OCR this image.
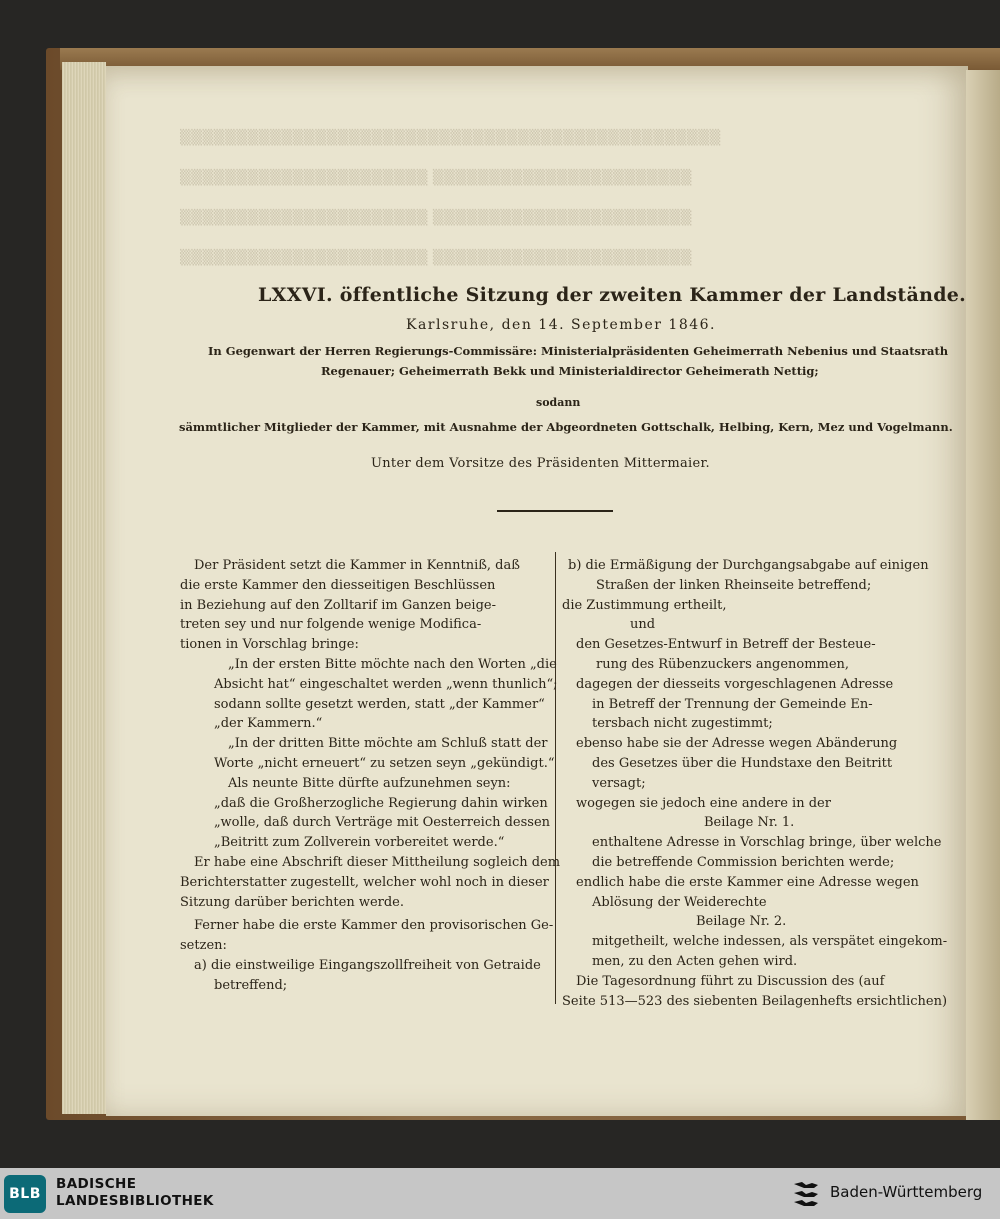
▒▒▒▒▒▒▒▒▒▒▒▒▒▒▒▒▒▒▒▒▒▒▒▒▒▒▒▒▒▒▒▒▒▒▒▒▒▒▒▒▒▒▒▒▒▒▒▒
▒▒▒▒▒▒▒▒▒▒▒▒▒▒▒▒▒▒▒▒▒▒ ▒▒▒▒▒▒▒▒▒▒▒▒▒▒▒▒▒▒▒▒▒▒▒
▒▒▒▒▒▒▒▒▒▒▒▒▒▒▒▒▒▒▒▒▒▒ ▒▒▒▒▒▒▒▒▒▒▒▒▒▒▒▒▒▒▒▒▒▒▒
▒▒▒▒▒▒▒▒▒▒▒▒▒▒▒▒▒▒▒▒▒▒ ▒▒▒▒▒▒▒▒▒▒▒▒▒▒▒▒▒▒▒▒▒▒▒
LXXVI. öffentliche Sitzung der zweiten Kammer der Landstände.
Karlsruhe, den 14. September 1846.
In Gegenwart der Herren Regierungs-Commissäre: Ministerialpräsidenten Geheimerrath Nebenius und Staatsrath
Regenauer; Geheimerrath Bekk und Ministerialdirector Geheimerath Nettig;
sodann
sämmtlicher Mitglieder der Kammer, mit Ausnahme der Abgeordneten Gottschalk, Helbing, Kern, Mez und Vogelmann.
Unter dem Vorsitze des Präsidenten Mittermaier.
Der Präsident setzt die Kammer in Kenntniß, daß
die erste Kammer den diesseitigen Beschlüssen
in Beziehung auf den Zolltarif im Ganzen beige-
treten sey und nur folgende wenige Modifica-
tionen in Vorschlag bringe:
„In der ersten Bitte möchte nach den Worten „die
Absicht hat“ eingeschaltet werden „wenn thunlich“;
sodann sollte gesetzt werden, statt „der Kammer“
„der Kammern.“
„In der dritten Bitte möchte am Schluß statt der
Worte „nicht erneuert“ zu setzen seyn „gekündigt.“
Als neunte Bitte dürfte aufzunehmen seyn:
„daß die Großherzogliche Regierung dahin wirken
„wolle, daß durch Verträge mit Oesterreich dessen
„Beitritt zum Zollverein vorbereitet werde.“
Er habe eine Abschrift dieser Mittheilung sogleich dem
Berichterstatter zugestellt, welcher wohl noch in dieser
Sitzung darüber berichten werde.
Ferner habe die erste Kammer den provisorischen Ge-
setzen:
a) die einstweilige Eingangszollfreiheit von Getraide
betreffend;
b) die Ermäßigung der Durchgangsabgabe auf einigen
Straßen der linken Rheinseite betreffend;
die Zustimmung ertheilt,
und
den Gesetzes-Entwurf in Betreff der Besteue-
rung des Rübenzuckers angenommen,
dagegen der diesseits vorgeschlagenen Adresse
in Betreff der Trennung der Gemeinde En-
tersbach nicht zugestimmt;
ebenso habe sie der Adresse wegen Abänderung
des Gesetzes über die Hundstaxe den Beitritt
versagt;
wogegen sie jedoch eine andere in der
Beilage Nr. 1.
enthaltene Adresse in Vorschlag bringe, über welche
die betreffende Commission berichten werde;
endlich habe die erste Kammer eine Adresse wegen
Ablösung der Weiderechte
Beilage Nr. 2.
mitgetheilt, welche indessen, als verspätet eingekom-
men, zu den Acten gehen wird.
Die Tagesordnung führt zu Discussion des (auf
Seite 513—523 des siebenten Beilagenhefts ersichtlichen)
BLB
BADISCHE
LANDESBIBLIOTHEK	Baden-Württemberg
